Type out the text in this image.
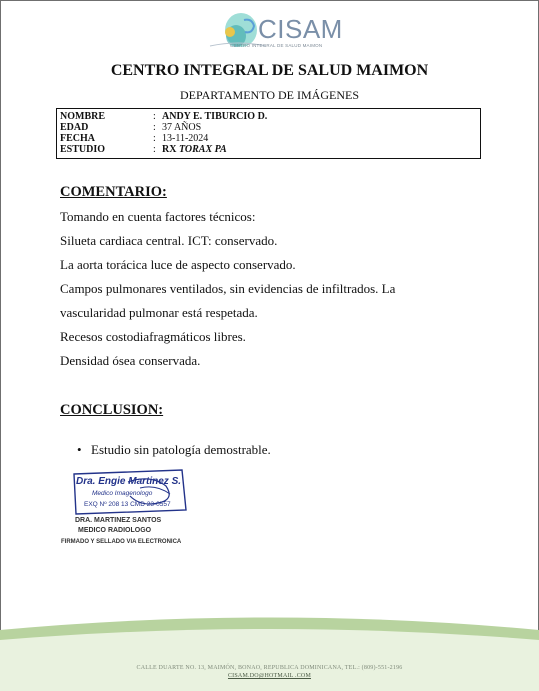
CISAM
CENTRO INTEGRAL DE SALUD MAIMON
CENTRO INTEGRAL DE SALUD MAIMON
DEPARTAMENTO DE IMÁGENES
NOMBRE	: ANDY E. TIBURCIO D.
EDAD	: 37 AÑOS
FECHA	: 13-11-2024
ESTUDIO	: RX TORAX PA
COMENTARIO:
Tomando en cuenta factores técnicos:
Silueta cardiaca central. ICT: conservado.
La aorta torácica luce de aspecto conservado.
Campos pulmonares ventilados, sin evidencias de infiltrados. La
vascularidad pulmonar está respetada.
Recesos costodiafragmáticos libres.
Densidad ósea conservada.
CONCLUSION:
• Estudio sin patología demostrable.
Dra. Engie Martinez S.
Medico Imagenologo
EXQ Nº 208 13 CMD 23-0557
DRA. MARTINEZ SANTOS
MEDICO RADIOLOGO
FIRMADO Y SELLADO VIA ELECTRONICA
CALLE DUARTE NO. 13, MAIMÓN, BONAO, REPUBLICA DOMINICANA, TEL.: (809)-551-2196
CISAM.DO@HOTMAIL .COM
